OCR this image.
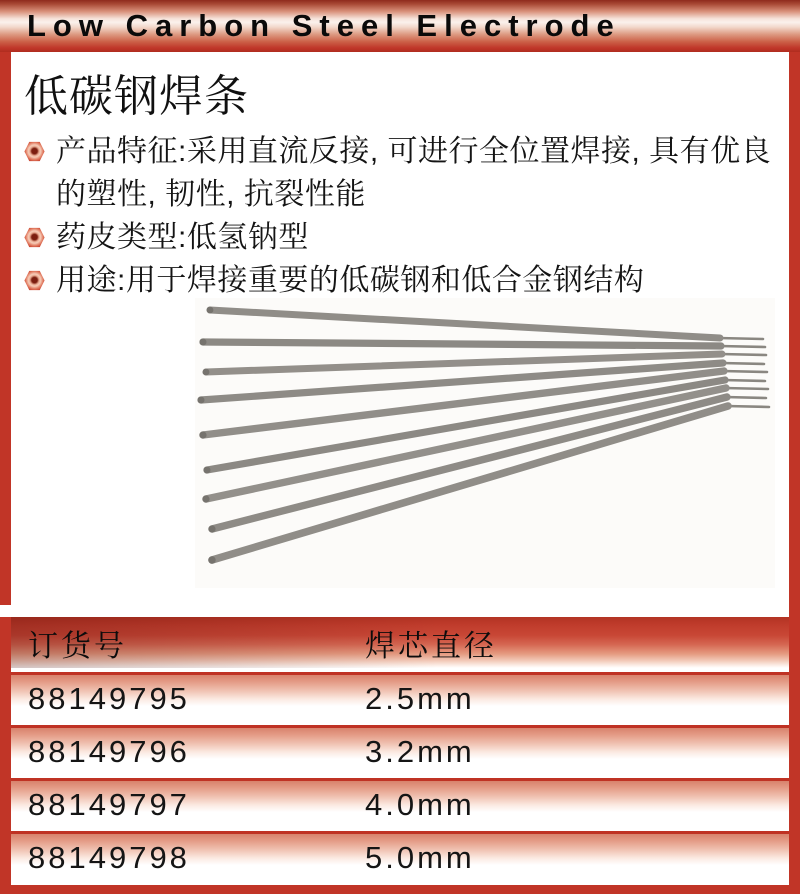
Low Carbon Steel Electrode
低碳钢焊条
产品特征:采用直流反接, 可进行全位置焊接, 具有优良
的塑性, 韧性, 抗裂性能
药皮类型:低氢钠型
用途:用于焊接重要的低碳钢和低合金钢结构
订货号	焊芯直径
88149795	2.5mm
88149796	3.2mm
88149797	4.0mm
88149798	5.0mm
